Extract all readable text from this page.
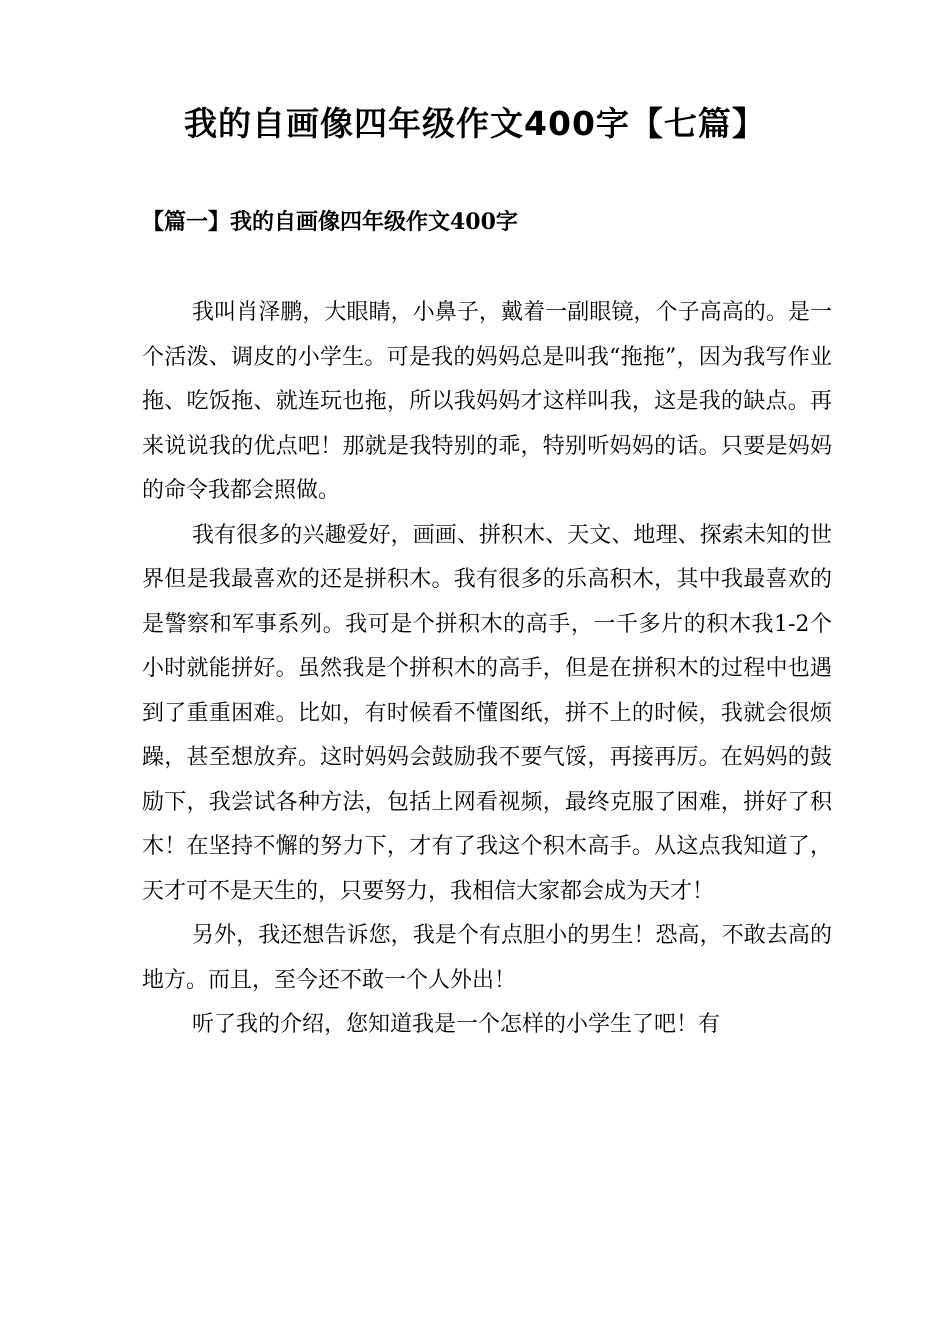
我的自画像四年级作文400字【七篇】
【篇一】我的自画像四年级作文400字

我叫肖泽鹏，大眼睛，小鼻子，戴着一副眼镜，个子高高的。是一个活泼、调皮的小学生。可是我的妈妈总是叫我“拖拖”，因为我写作业拖、吃饭拖、就连玩也拖，所以我妈妈才这样叫我，这是我的缺点。再来说说我的优点吧！那就是我特别的乖，特别听妈妈的话。只要是妈妈的命令我都会照做。

我有很多的兴趣爱好，画画、拼积木、天文、地理、探索未知的世界但是我最喜欢的还是拼积木。我有很多的乐高积木，其中我最喜欢的是警察和军事系列。我可是个拼积木的高手，一千多片的积木我1-2个小时就能拼好。虽然我是个拼积木的高手，但是在拼积木的过程中也遇到了重重困难。比如，有时候看不懂图纸，拼不上的时候，我就会很烦躁，甚至想放弃。这时妈妈会鼓励我不要气馁，再接再厉。在妈妈的鼓励下，我尝试各种方法，包括上网看视频，最终克服了困难，拼好了积木！在坚持不懈的努力下，才有了我这个积木高手。从这点我知道了，天才可不是天生的，只要努力，我相信大家都会成为天才！

另外，我还想告诉您，我是个有点胆小的男生！恐高，不敢去高的地方。而且，至今还不敢一个人外出！

听了我的介绍，您知道我是一个怎样的小学生了吧！有
